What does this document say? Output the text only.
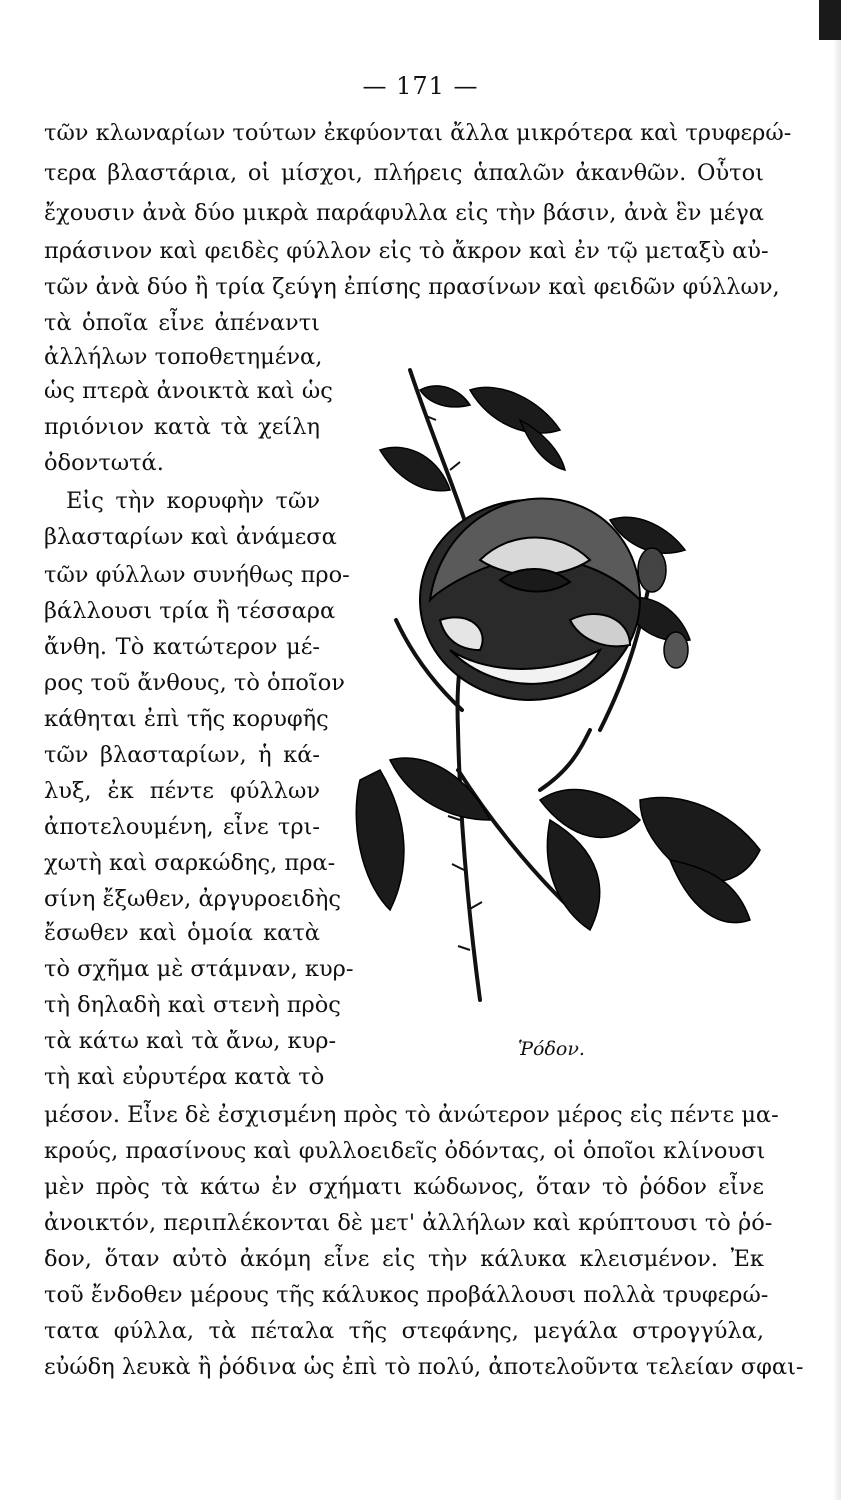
— 171 —
τῶν κλωναρίων τούτων ἐκφύονται ἄλλα μικρότερα καὶ τρυφερώ-
τερα βλαστάρια, οἱ μίσχοι, πλήρεις ἁπαλῶν ἀκανθῶν. Οὗτοι
ἔχουσιν ἀνὰ δύο μικρὰ παράφυλλα εἰς τὴν βάσιν, ἀνὰ ἓν μέγα
πράσινον καὶ φειδὲς φύλλον εἰς τὸ ἄκρον καὶ ἐν τῷ μεταξὺ αὐ-
τῶν ἀνὰ δύο ἢ τρία ζεύγη ἐπίσης πρασίνων καὶ φειδῶν φύλλων,
τὰ ὁποῖα εἶνε ἀπέναντι
ἀλλήλων τοποθετημένα,
ὡς πτερὰ ἀνοικτὰ καὶ ὡς
πριόνιον κατὰ τὰ χείλη
ὀδοντωτά.
Εἰς τὴν κορυφὴν τῶν
βλασταρίων καὶ ἀνάμεσα
τῶν φύλλων συνήθως προ-
βάλλουσι τρία ἢ τέσσαρα
ἄνθη. Τὸ κατώτερον μέ-
ρος τοῦ ἄνθους, τὸ ὁποῖον
κάθηται ἐπὶ τῆς κορυφῆς
τῶν βλασταρίων, ἡ κά-
λυξ, ἐκ πέντε φύλλων
ἀποτελουμένη, εἶνε τρι-
χωτὴ καὶ σαρκώδης, πρα-
σίνη ἔξωθεν, ἀργυροειδὴς
ἔσωθεν καὶ ὁμοία κατὰ
τὸ σχῆμα μὲ στάμναν, κυρ-
τὴ δηλαδὴ καὶ στενὴ πρὸς
τὰ κάτω καὶ τὰ ἄνω, κυρ-
τὴ καὶ εὐρυτέρα κατὰ τὸ
μέσον. Εἶνε δὲ ἐσχισμένη πρὸς τὸ ἀνώτερον μέρος εἰς πέντε μα-
κρούς, πρασίνους καὶ φυλλοειδεῖς ὀδόντας, οἱ ὁποῖοι κλίνουσι
μὲν πρὸς τὰ κάτω ἐν σχήματι κώδωνος, ὅταν τὸ ῥόδον εἶνε
ἀνοικτόν, περιπλέκονται δὲ μετ' ἀλλήλων καὶ κρύπτουσι τὸ ῥό-
δον, ὅταν αὐτὸ ἀκόμη εἶνε εἰς τὴν κάλυκα κλεισμένον. Ἐκ
τοῦ ἔνδοθεν μέρους τῆς κάλυκος προβάλλουσι πολλὰ τρυφερώ-
τατα φύλλα, τὰ πέταλα τῆς στεφάνης, μεγάλα στρογγύλα,
εὐώδη λευκὰ ἢ ῥόδινα ὡς ἐπὶ τὸ πολύ, ἀποτελοῦντα τελείαν σφαι-
Ῥόδον.
